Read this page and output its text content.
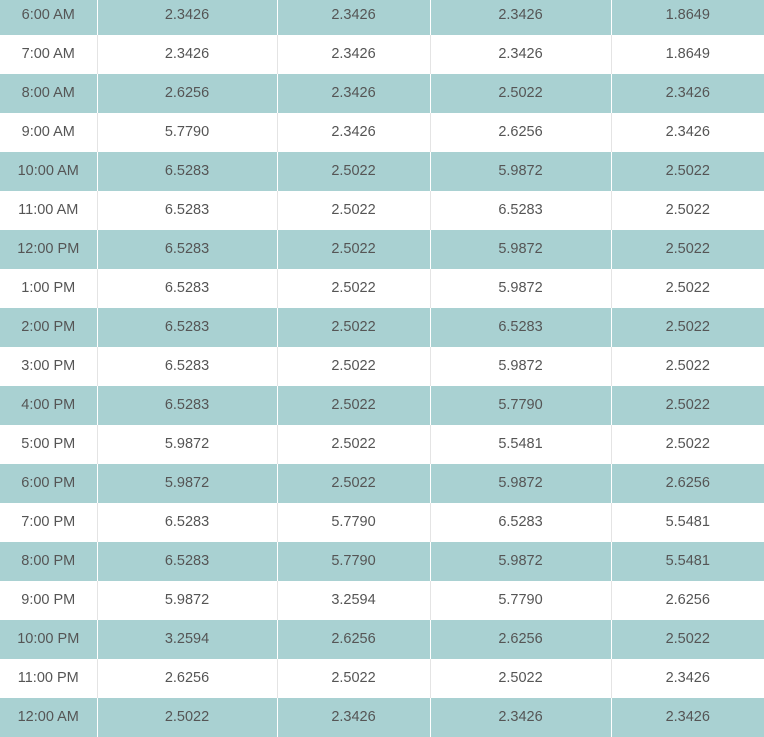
6:00 AM	2.3426	2.3426	2.3426	1.8649
7:00 AM	2.3426	2.3426	2.3426	1.8649
8:00 AM	2.6256	2.3426	2.5022	2.3426
9:00 AM	5.7790	2.3426	2.6256	2.3426
10:00 AM	6.5283	2.5022	5.9872	2.5022
11:00 AM	6.5283	2.5022	6.5283	2.5022
12:00 PM	6.5283	2.5022	5.9872	2.5022
1:00 PM	6.5283	2.5022	5.9872	2.5022
2:00 PM	6.5283	2.5022	6.5283	2.5022
3:00 PM	6.5283	2.5022	5.9872	2.5022
4:00 PM	6.5283	2.5022	5.7790	2.5022
5:00 PM	5.9872	2.5022	5.5481	2.5022
6:00 PM	5.9872	2.5022	5.9872	2.6256
7:00 PM	6.5283	5.7790	6.5283	5.5481
8:00 PM	6.5283	5.7790	5.9872	5.5481
9:00 PM	5.9872	3.2594	5.7790	2.6256
10:00 PM	3.2594	2.6256	2.6256	2.5022
11:00 PM	2.6256	2.5022	2.5022	2.3426
12:00 AM	2.5022	2.3426	2.3426	2.3426
